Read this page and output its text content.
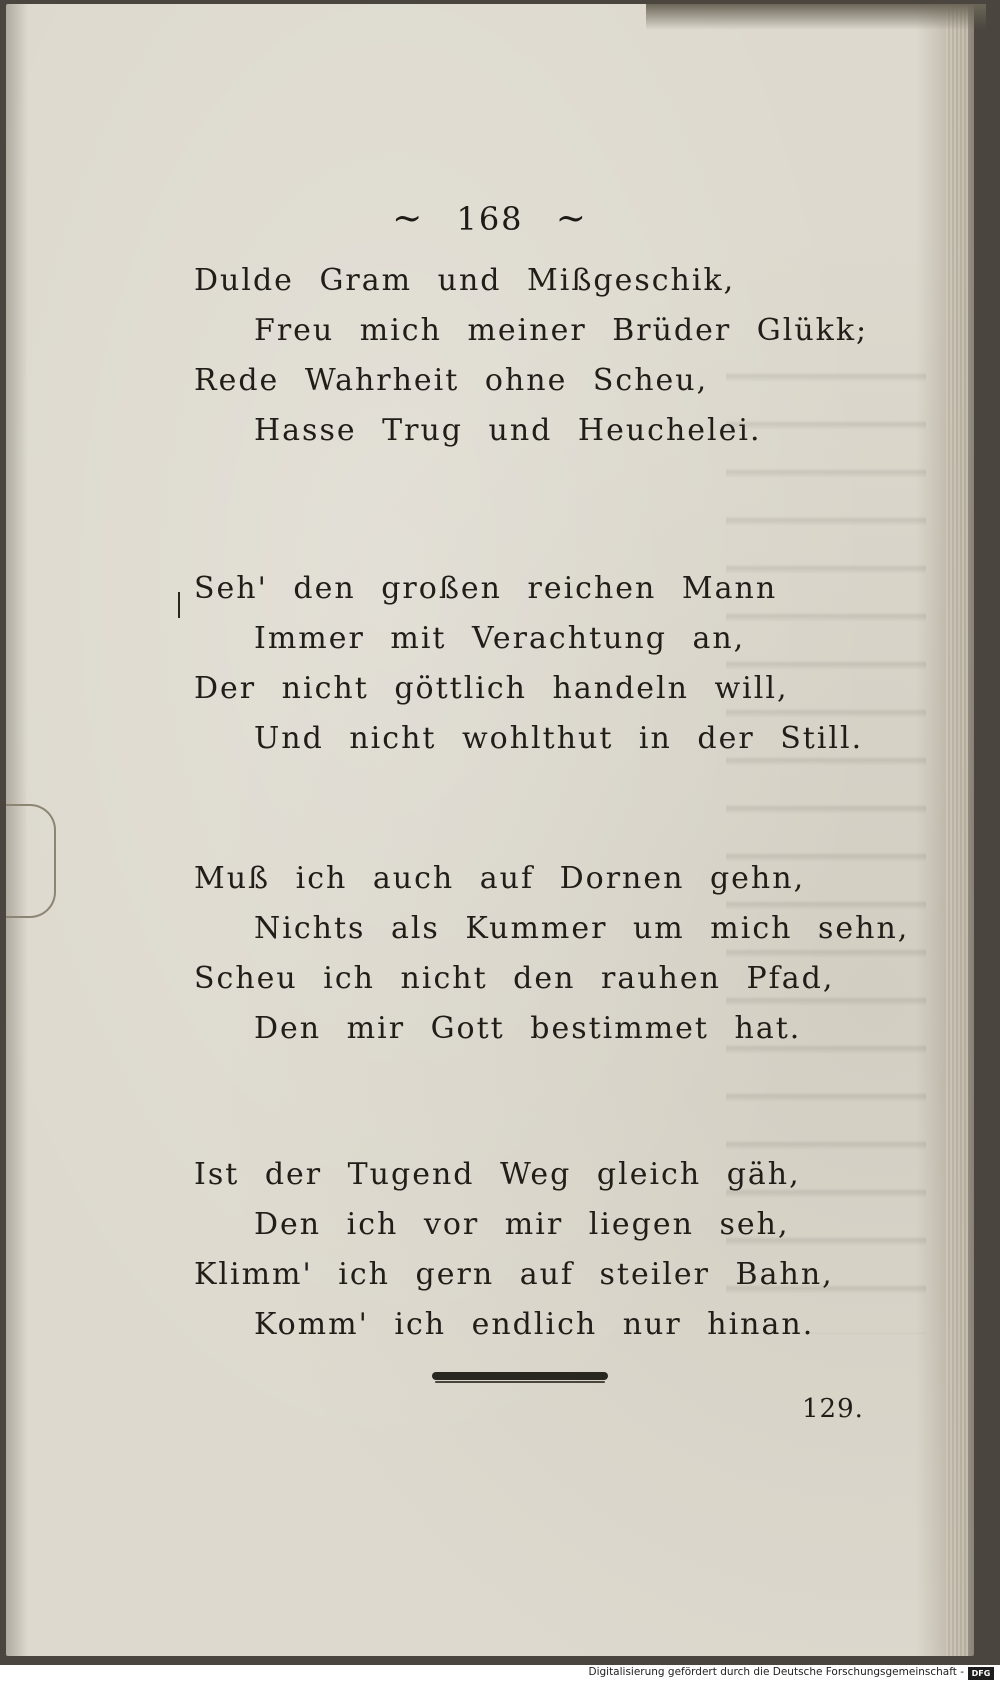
~ 168 ~
Dulde Gram und Mißgeschik,
Freu mich meiner Brüder Glükk;
Rede Wahrheit ohne Scheu,
Hasse Trug und Heuchelei.
Seh' den großen reichen Mann
Immer mit Verachtung an,
Der nicht göttlich handeln will,
Und nicht wohlthut in der Still.
Muß ich auch auf Dornen gehn,
Nichts als Kummer um mich sehn,
Scheu ich nicht den rauhen Pfad,
Den mir Gott bestimmet hat.
Ist der Tugend Weg gleich gäh,
Den ich vor mir liegen seh,
Klimm' ich gern auf steiler Bahn,
Komm' ich endlich nur hinan.
129.
Digitalisierung gefördert durch die Deutsche Forschungsgemeinschaft - DFG
